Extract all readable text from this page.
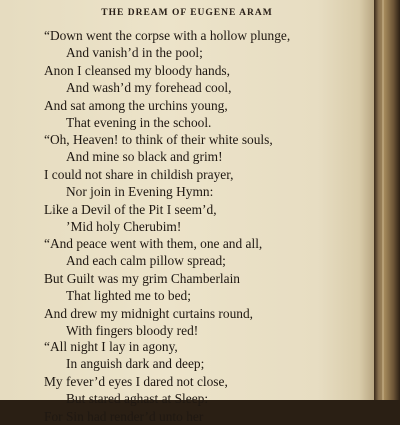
THE DREAM OF EUGENE ARAM
“Down went the corpse with a hollow plunge,
And vanish’d in the pool;
Anon I cleansed my bloody hands,
And wash’d my forehead cool,
And sat among the urchins young,
That evening in the school.
“Oh, Heaven! to think of their white souls,
And mine so black and grim!
I could not share in childish prayer,
Nor join in Evening Hymn:
Like a Devil of the Pit I seem’d,
’Mid holy Cherubim!
“And peace went with them, one and all,
And each calm pillow spread;
But Guilt was my grim Chamberlain
That lighted me to bed;
And drew my midnight curtains round,
With fingers bloody red!
“All night I lay in agony,
In anguish dark and deep;
My fever’d eyes I dared not close,
But stared aghast at Sleep:
For Sin had render’d unto her
